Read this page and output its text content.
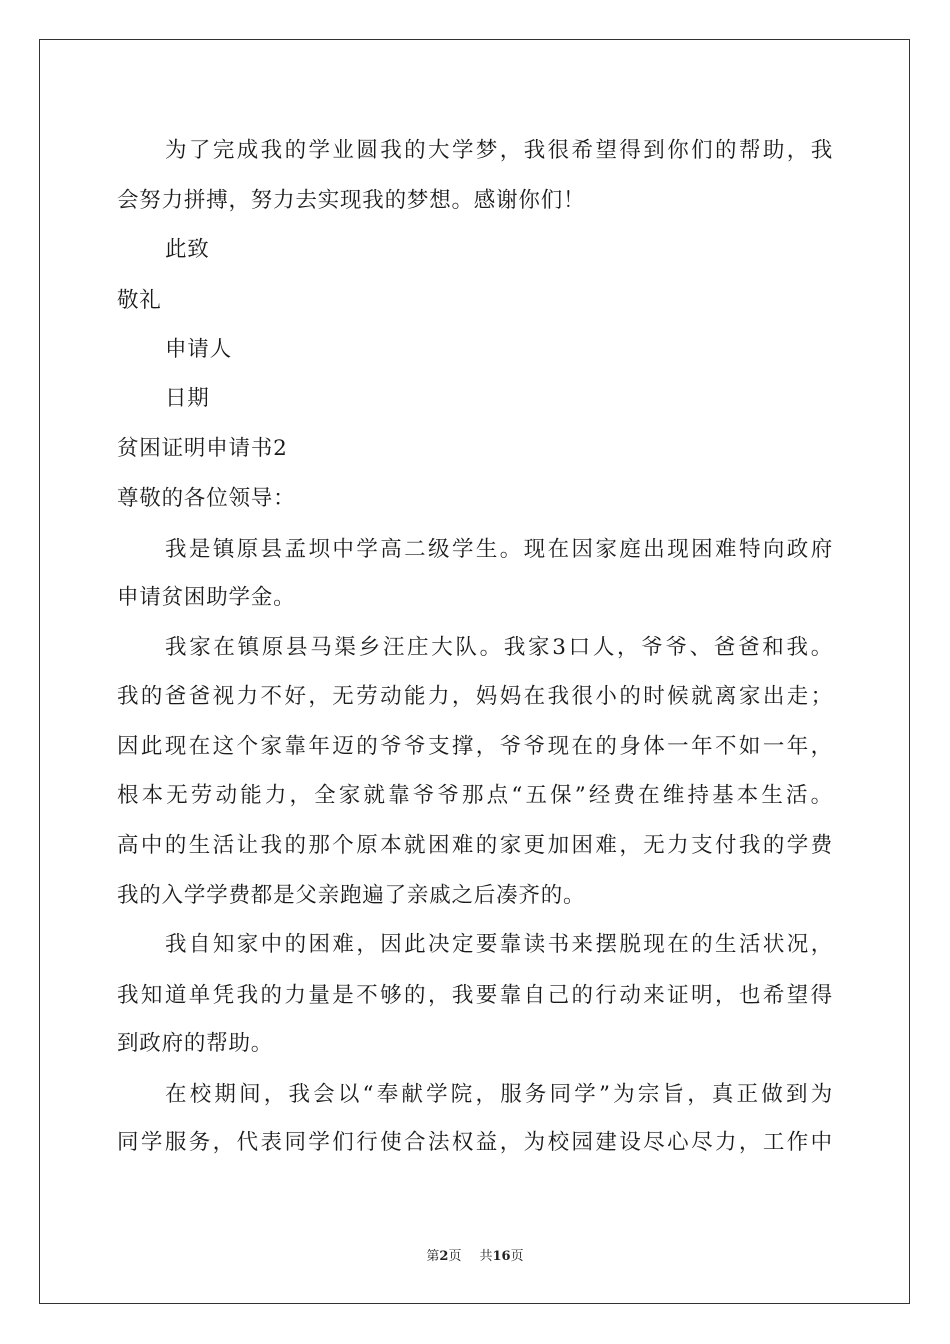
为了完成我的学业圆我的大学梦，我很希望得到你们的帮助，我

会努力拼搏，努力去实现我的梦想。感谢你们！

此致

敬礼

申请人

日期

贫困证明申请书2

尊敬的各位领导：

我是镇原县孟坝中学高二级学生。现在因家庭出现困难特向政府

申请贫困助学金。

我家在镇原县马渠乡汪庄大队。我家3口人，爷爷、爸爸和我。

我的爸爸视力不好，无劳动能力，妈妈在我很小的时候就离家出走；

因此现在这个家靠年迈的爷爷支撑，爷爷现在的身体一年不如一年，

根本无劳动能力，全家就靠爷爷那点“五保”经费在维持基本生活。

高中的生活让我的那个原本就困难的家更加困难，无力支付我的学费

我的入学学费都是父亲跑遍了亲戚之后凑齐的。

我自知家中的困难，因此决定要靠读书来摆脱现在的生活状况，

我知道单凭我的力量是不够的，我要靠自己的行动来证明，也希望得

到政府的帮助。

在校期间，我会以“奉献学院，服务同学”为宗旨，真正做到为

同学服务，代表同学们行使合法权益，为校园建设尽心尽力，工作中

第2页 共16页
